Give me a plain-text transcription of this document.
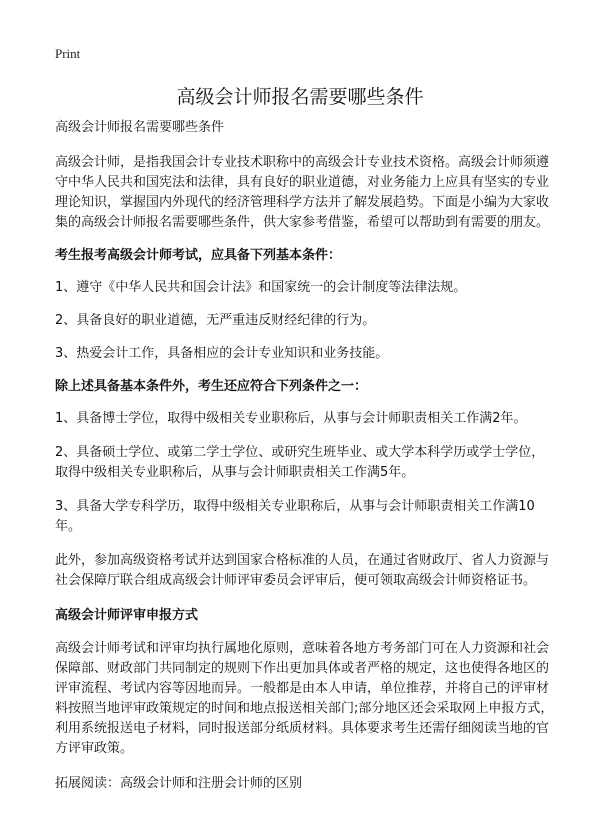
Print
高级会计师报名需要哪些条件

高级会计师报名需要哪些条件

高级会计师，是指我国会计专业技术职称中的高级会计专业技术资格。高级会计师须遵守中华人民共和国宪法和法律，具有良好的职业道德，对业务能力上应具有坚实的专业理论知识，掌握国内外现代的经济管理科学方法并了解发展趋势。下面是小编为大家收集的高级会计师报名需要哪些条件，供大家参考借鉴，希望可以帮助到有需要的朋友。

考生报考高级会计师考试，应具备下列基本条件：

1、遵守《中华人民共和国会计法》和国家统一的会计制度等法律法规。

2、具备良好的职业道德，无严重违反财经纪律的行为。

3、热爱会计工作，具备相应的会计专业知识和业务技能。

除上述具备基本条件外，考生还应符合下列条件之一：

1、具备博士学位，取得中级相关专业职称后，从事与会计师职责相关工作满2年。

2、具备硕士学位、或第二学士学位、或研究生班毕业、或大学本科学历或学士学位，取得中级相关专业职称后，从事与会计师职责相关工作满5年。

3、具备大学专科学历，取得中级相关专业职称后，从事与会计师职责相关工作满10年。

此外，参加高级资格考试并达到国家合格标准的人员，在通过省财政厅、省人力资源与社会保障厅联合组成高级会计师评审委员会评审后，便可领取高级会计师资格证书。

高级会计师评审申报方式

高级会计师考试和评审均执行属地化原则，意味着各地方考务部门可在人力资源和社会保障部、财政部门共同制定的规则下作出更加具体或者严格的规定，这也使得各地区的评审流程、考试内容等因地而异。一般都是由本人申请，单位推荐，并将自己的评审材料按照当地评审政策规定的时间和地点报送相关部门;部分地区还会采取网上申报方式，利用系统报送电子材料，同时报送部分纸质材料。具体要求考生还需仔细阅读当地的官方评审政策。

拓展阅读：高级会计师和注册会计师的区别
